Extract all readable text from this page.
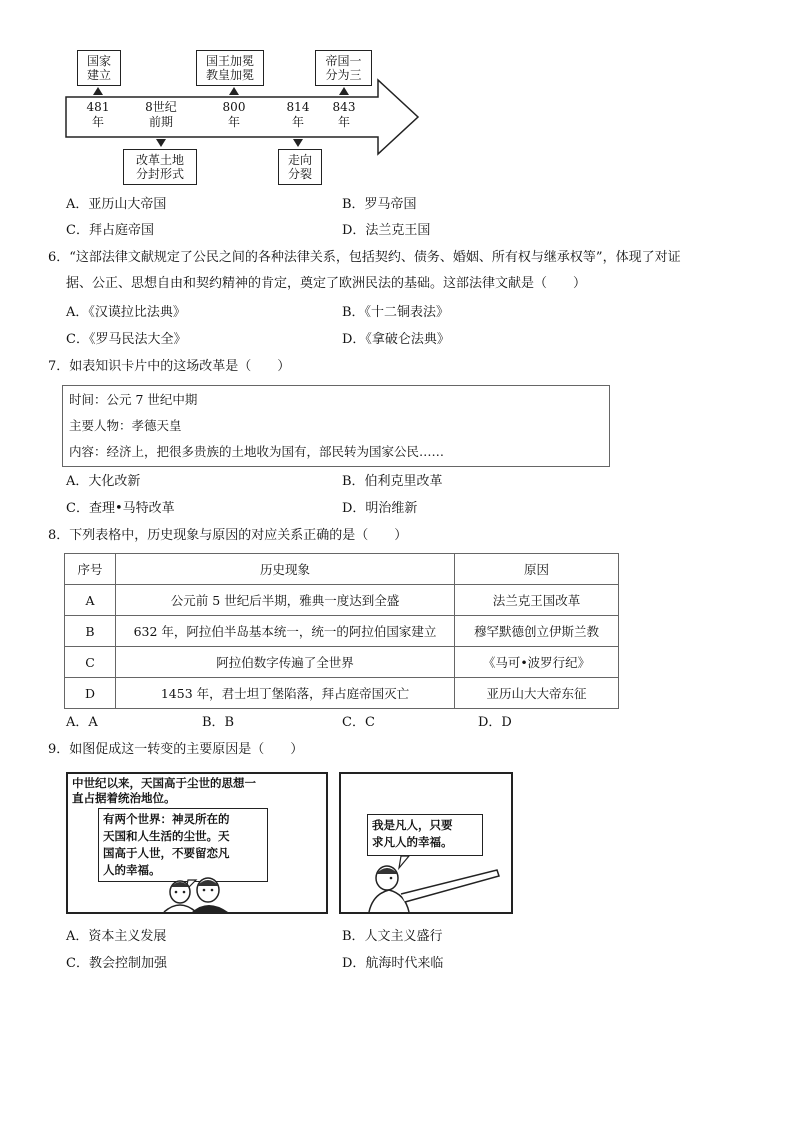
国家
建立
国王加冕
教皇加冕
帝国一
分为三
改革土地
分封形式
走向
分裂
481
年
8世纪
前期
800
年
814
年
843
年
A．亚历山大帝国	B．罗马帝国
C．拜占庭帝国	D．法兰克王国
6．“这部法律文献规定了公民之间的各种法律关系，包括契约、债务、婚姻、所有权与继承权等”，体现了对证
据、公正、思想自由和契约精神的肯定，奠定了欧洲民法的基础。这部法律文献是（　　）
A．《汉谟拉比法典》	B．《十二铜表法》
C．《罗马民法大全》	D．《拿破仑法典》
7．如表知识卡片中的这场改革是（　　）
时间：公元 7 世纪中期
主要人物：孝德天皇
内容：经济上，把很多贵族的土地收为国有，部民转为国家公民……
A．大化改新	B．伯利克里改革
C．查理•马特改革	D．明治维新
8．下列表格中，历史现象与原因的对应关系正确的是（　　）
序号	历史现象	原因
A	公元前 5 世纪后半期，雅典一度达到全盛	法兰克王国改革
B	632 年，阿拉伯半岛基本统一，统一的阿拉伯国家建立	穆罕默德创立伊斯兰教
C	阿拉伯数字传遍了全世界	《马可•波罗行纪》
D	1453 年，君士坦丁堡陷落，拜占庭帝国灭亡	亚历山大大帝东征
A．A	B．B	C．C	D．D
9．如图促成这一转变的主要原因是（　　）
中世纪以来，天国高于尘世的思想一
直占据着统治地位。
有两个世界：神灵所在的
天国和人生活的尘世。天
国高于人世，不要留恋凡
人的幸福。
我是凡人，只要
求凡人的幸福。
A．资本主义发展	B．人文主义盛行
C．教会控制加强	D．航海时代来临
